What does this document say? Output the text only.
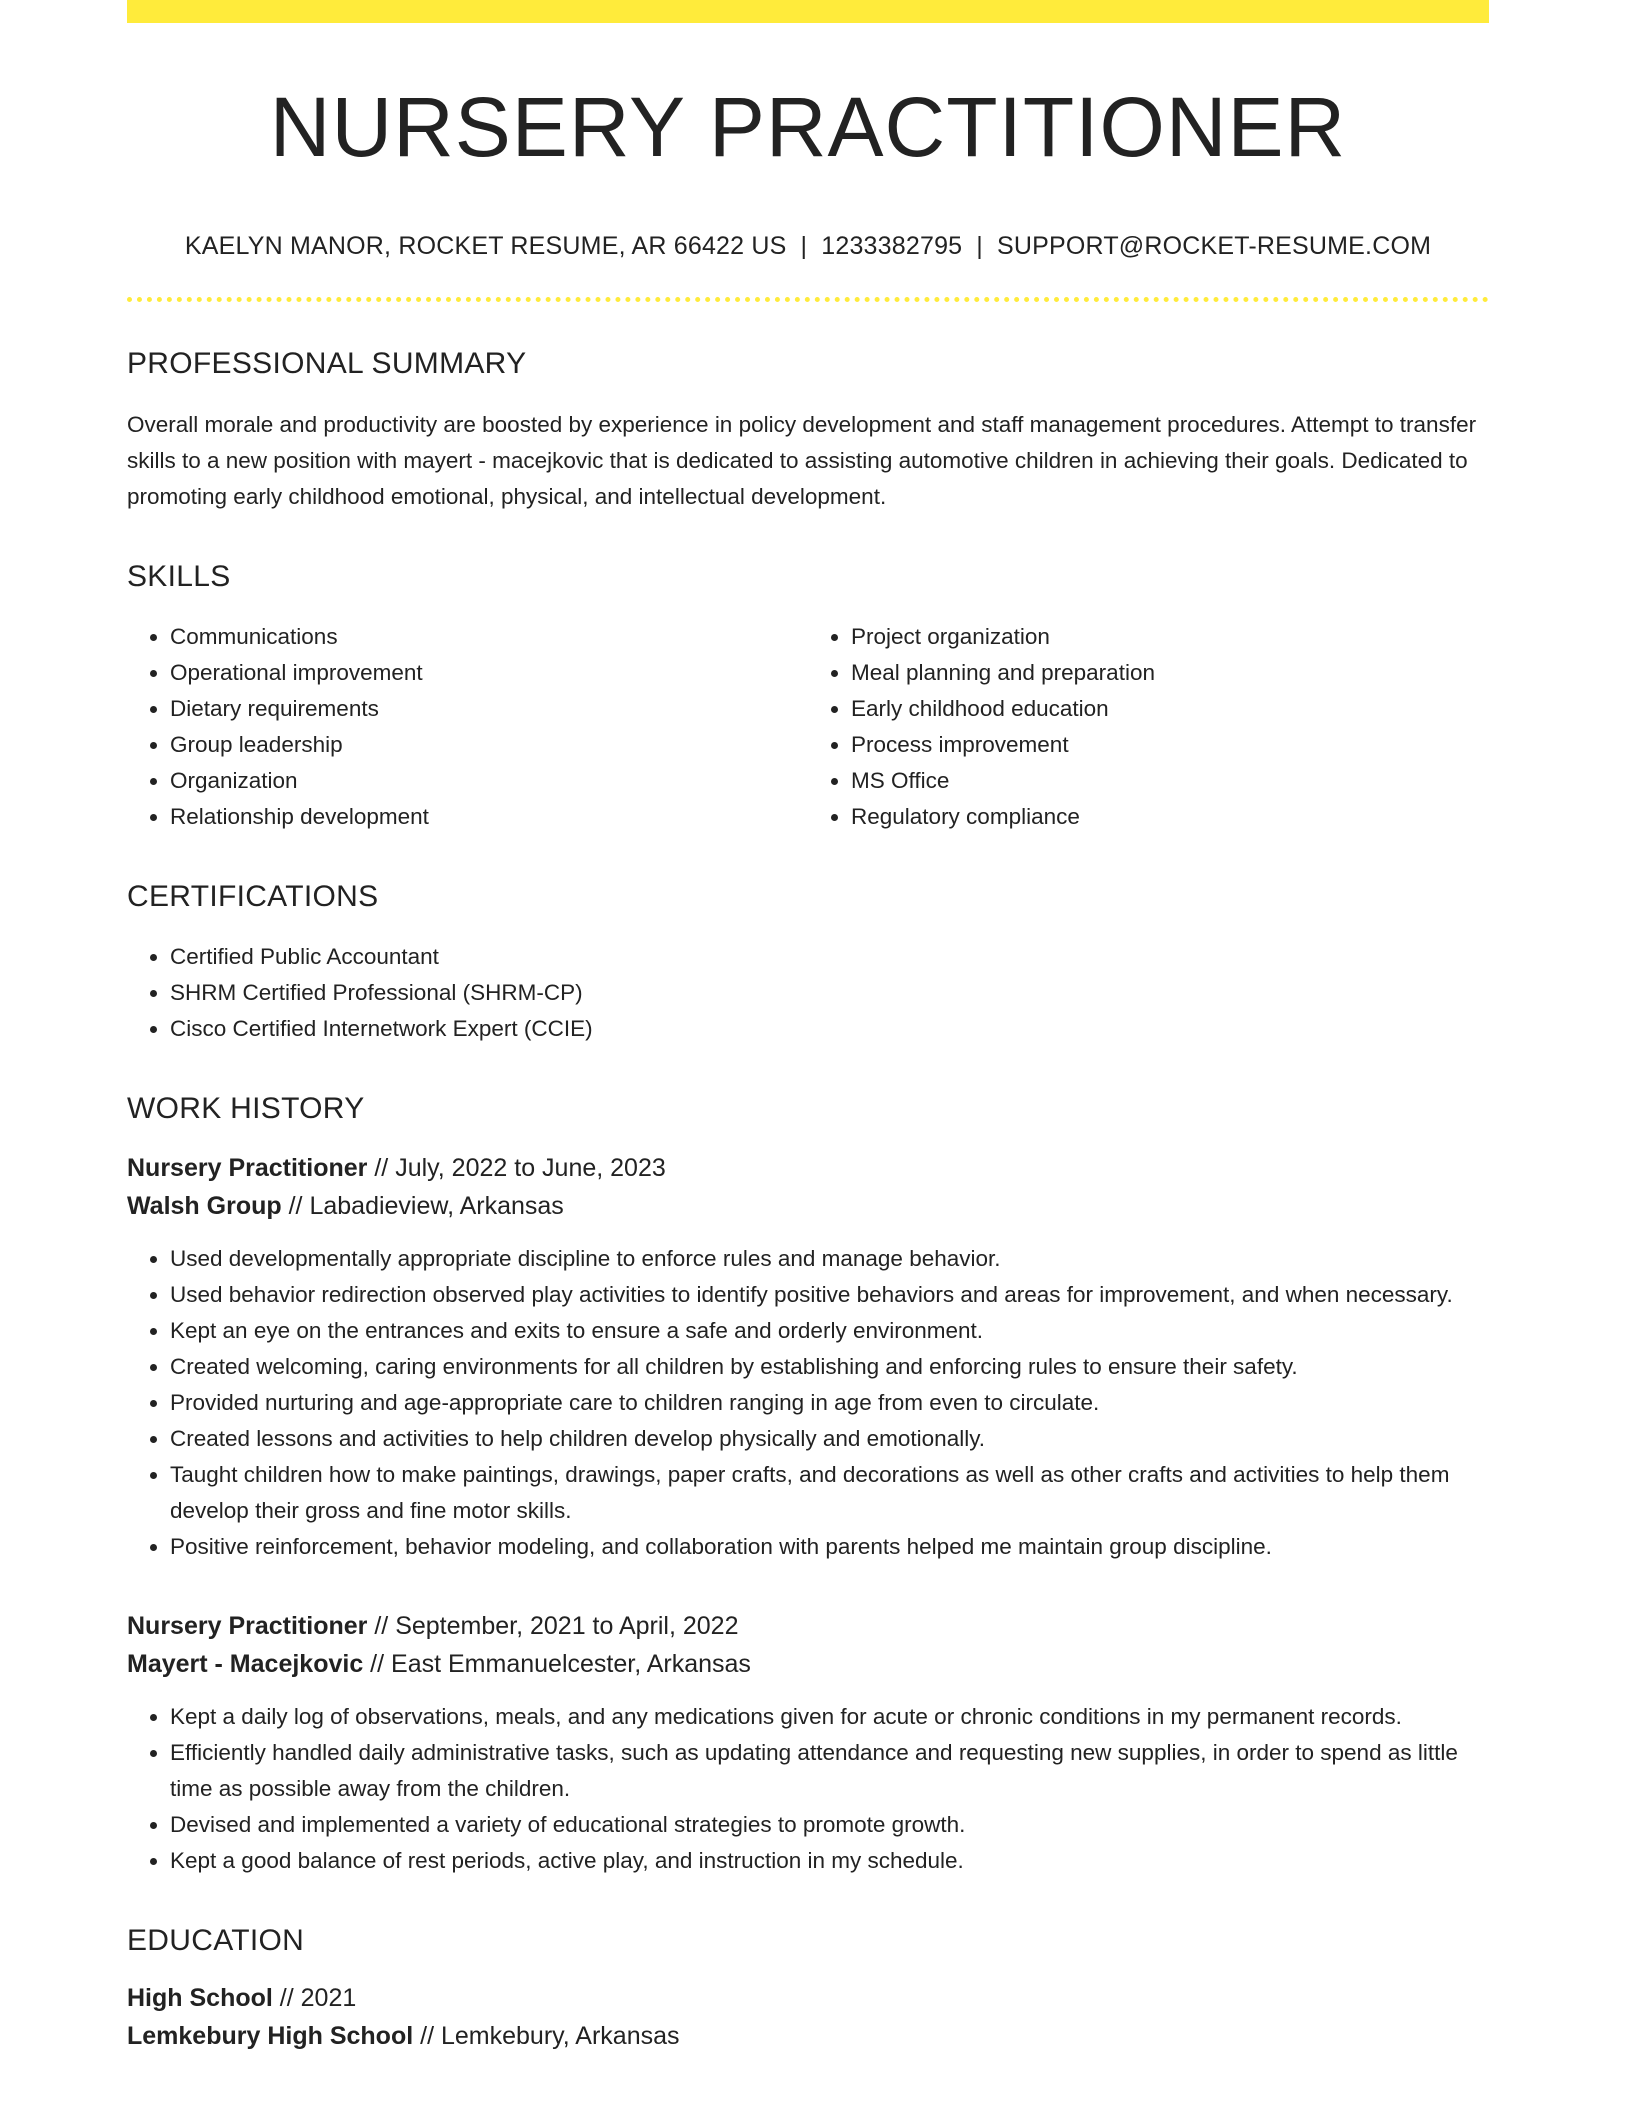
NURSERY PRACTITIONER
KAELYN MANOR, ROCKET RESUME, AR 66422 US | 1233382795 | SUPPORT@ROCKET-RESUME.COM
PROFESSIONAL SUMMARY
Overall morale and productivity are boosted by experience in policy development and staff management procedures. Attempt to transfer skills to a new position with mayert - macejkovic that is dedicated to assisting automotive children in achieving their goals. Dedicated to promoting early childhood emotional, physical, and intellectual development.
SKILLS
• Communications
• Operational improvement
• Dietary requirements
• Group leadership
• Organization
• Relationship development
• Project organization
• Meal planning and preparation
• Early childhood education
• Process improvement
• MS Office
• Regulatory compliance
CERTIFICATIONS
• Certified Public Accountant
• SHRM Certified Professional (SHRM-CP)
• Cisco Certified Internetwork Expert (CCIE)
WORK HISTORY
Nursery Practitioner // July, 2022 to June, 2023
Walsh Group // Labadieview, Arkansas
• Used developmentally appropriate discipline to enforce rules and manage behavior.
• Used behavior redirection observed play activities to identify positive behaviors and areas for improvement, and when necessary.
• Kept an eye on the entrances and exits to ensure a safe and orderly environment.
• Created welcoming, caring environments for all children by establishing and enforcing rules to ensure their safety.
• Provided nurturing and age-appropriate care to children ranging in age from even to circulate.
• Created lessons and activities to help children develop physically and emotionally.
• Taught children how to make paintings, drawings, paper crafts, and decorations as well as other crafts and activities to help them develop their gross and fine motor skills.
• Positive reinforcement, behavior modeling, and collaboration with parents helped me maintain group discipline.
Nursery Practitioner // September, 2021 to April, 2022
Mayert - Macejkovic // East Emmanuelcester, Arkansas
• Kept a daily log of observations, meals, and any medications given for acute or chronic conditions in my permanent records.
• Efficiently handled daily administrative tasks, such as updating attendance and requesting new supplies, in order to spend as little time as possible away from the children.
• Devised and implemented a variety of educational strategies to promote growth.
• Kept a good balance of rest periods, active play, and instruction in my schedule.
EDUCATION
High School // 2021
Lemkebury High School // Lemkebury, Arkansas
